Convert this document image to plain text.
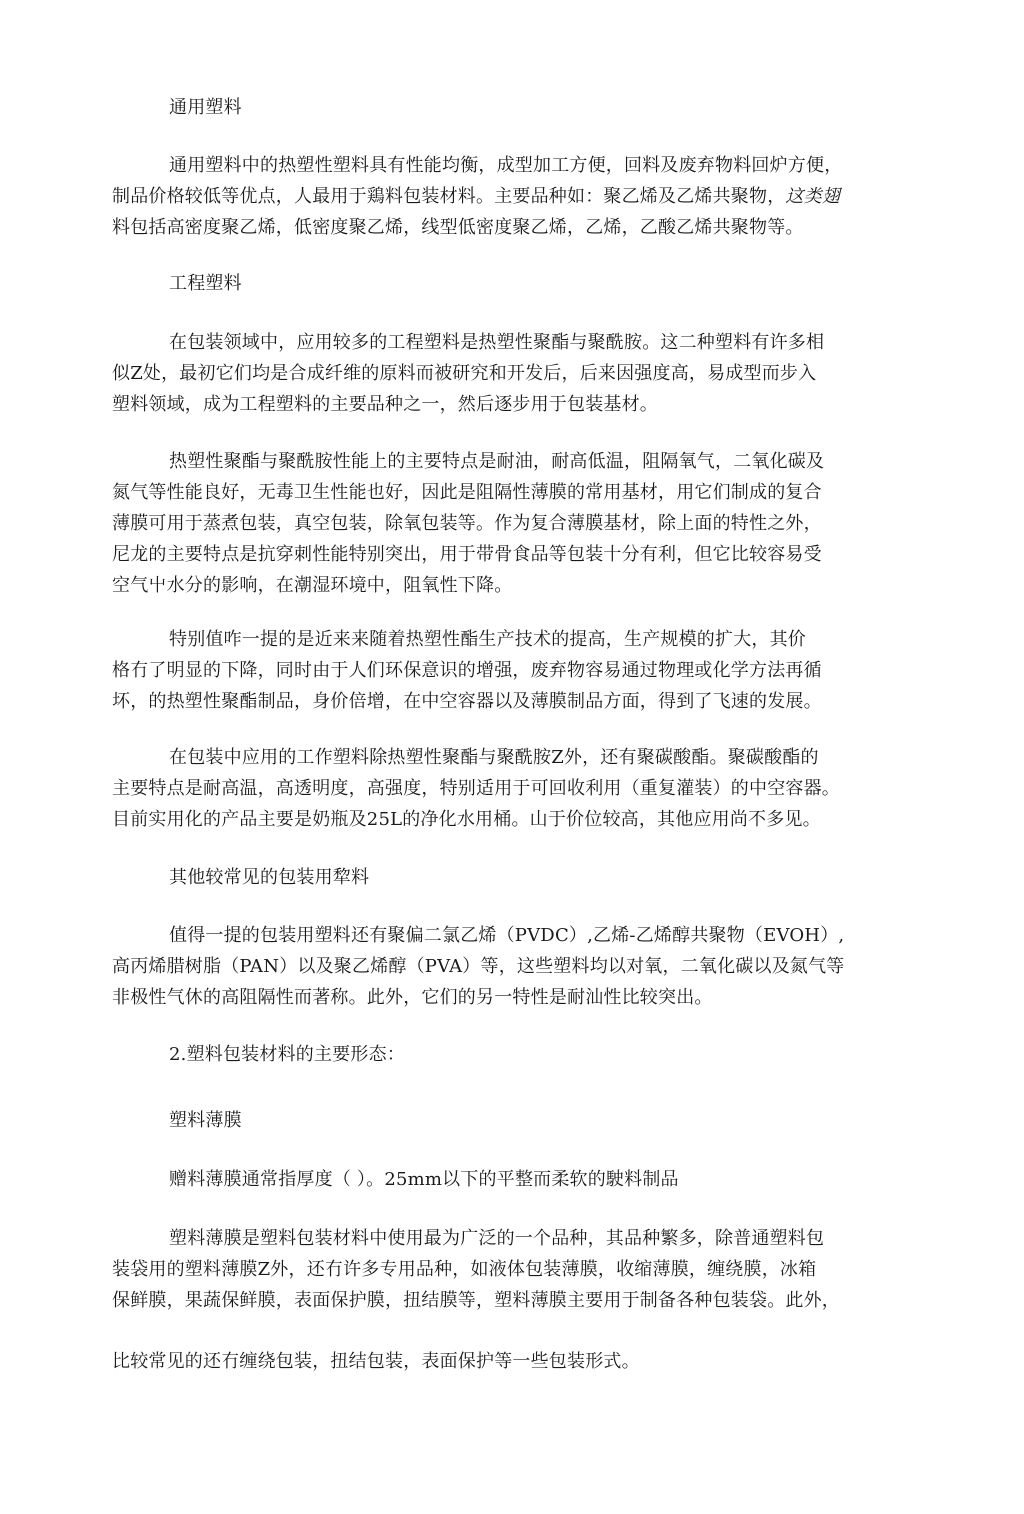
通用塑料
通用塑料中的热塑性塑料具有性能均衡，成型加工方便，回料及废弃物料回炉方便，
制品价格较低等优点，人最用于鶏料包装材料。主要品种如：聚乙烯及乙烯共聚物，这类翅
料包括高密度聚乙烯，低密度聚乙烯，线型低密度聚乙烯，乙烯，乙酸乙烯共聚物等。
工程塑料
在包装领域中，应用较多的工程塑料是热塑性聚酯与聚酰胺。这二种塑料有许多相
似Z处，最初它们均是合成纤维的原料而被研究和开发后，后来因强度高，易成型而步入
塑料领域，成为工程塑料的主要品种之一，然后逐步用于包装基材。
热塑性聚酯与聚酰胺性能上的主要特点是耐油，耐高低温，阻隔氧气，二氧化碳及
氮气等性能良好，无毒卫生性能也好，因此是阻隔性薄膜的常用基材，用它们制成的复合
薄膜可用于蒸煮包装，真空包装，除氧包装等。作为复合薄膜基材，除上面的特性之外，
尼龙的主要特点是抗穿刺性能特别突出，用于带骨食品等包装十分有利，但它比较容易受
空气屮水分的影响，在潮湿环境中，阻氧性下降。
特别值咋一提的是近来来随着热塑性酯生产技术的提高，生产规模的扩大，其价
格冇了明显的下降，同时由于人们环保意识的增强，废弃物容易通过物理或化学方法再循
坏，的热塑性聚酯制品，身价倍增，在中空容器以及薄膜制品方面，得到了飞速的发展。
在包装中应用的工作塑料除热塑性聚酯与聚酰胺Z外，还有聚碳酸酯。聚碳酸酯的
主要特点是耐高温，高透明度，高强度，特别适用于可回收利用（重复灌装）的中空容器。
目前实用化的产品主要是奶瓶及25L的净化水用桶。山于价位较高，其他应用尚不多见。
其他较常见的包装用犂料
值得一提的包装用塑料还有聚偏二氯乙烯（PVDC）,乙烯-乙烯醇共聚物（EVOH）,
高丙烯腊树脂（PAN）以及聚乙烯醇（PVA）等，这些塑料均以对氧，二氧化碳以及氮气等
非极性气休的高阻隔性而著称。此外，它们的另一特性是耐汕性比较突出。
2.塑料包装材料的主要形态：
塑料薄膜
赠料薄膜通常指厚度（ ）。25mm以下的平整而柔软的駛料制品
塑料薄膜是塑料包装材料中使用最为广泛的一个品种，其品种繁多，除普通塑料包
装袋用的塑料薄膜Z外，还冇许多专用品种，如液体包装薄膜，收缩薄膜，缠绕膜，冰箱
保鲜膜，果蔬保鲜膜，表面保护膜，扭结膜等，塑料薄膜主要用于制备各种包装袋。此外，
比较常见的还冇缠绕包装，扭结包装，表面保护等一些包装形式。
